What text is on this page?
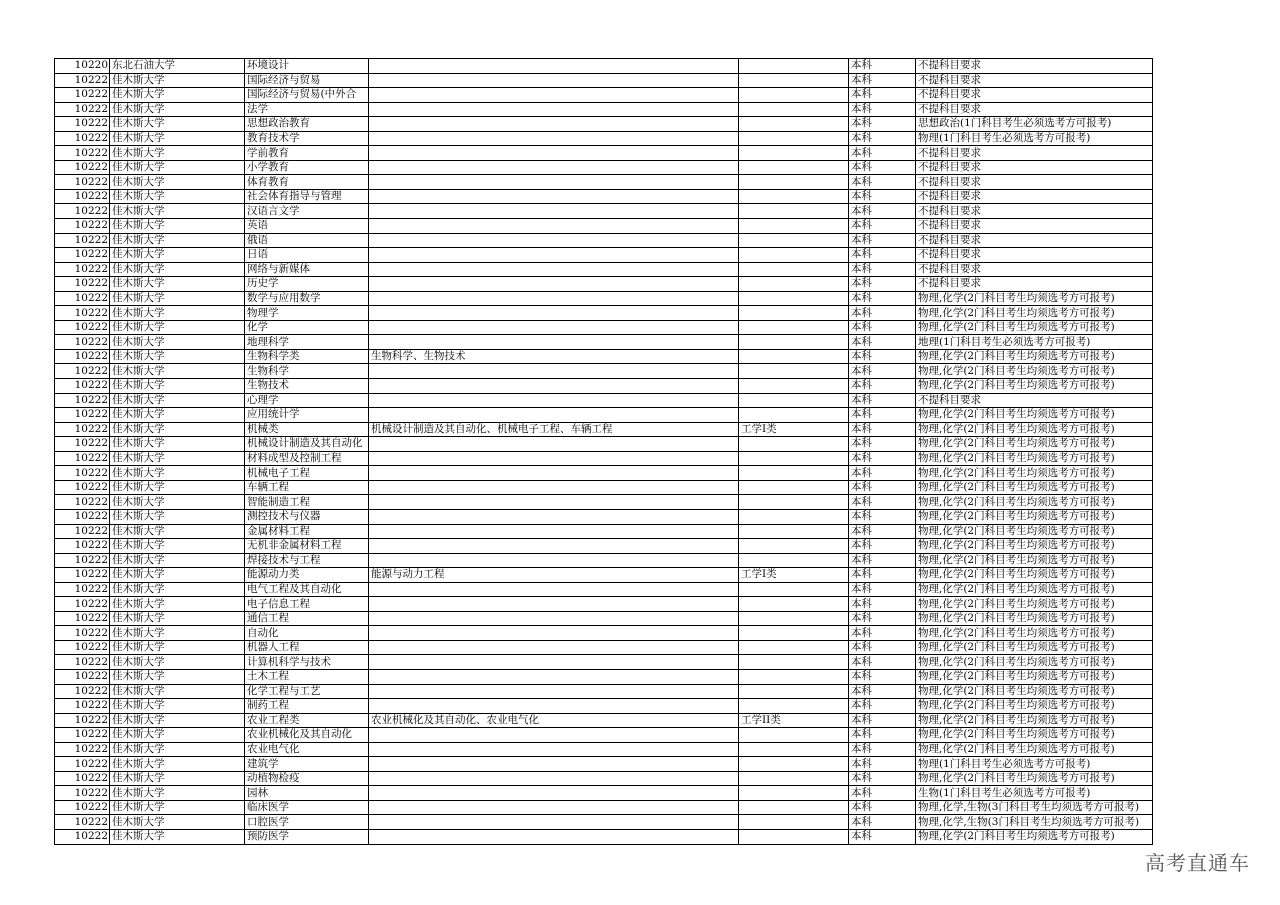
10220	东北石油大学	环境设计			本科	不提科目要求
10222	佳木斯大学	国际经济与贸易			本科	不提科目要求
10222	佳木斯大学	国际经济与贸易(中外合			本科	不提科目要求
10222	佳木斯大学	法学			本科	不提科目要求
10222	佳木斯大学	思想政治教育			本科	思想政治(1门科目考生必须选考方可报考)
10222	佳木斯大学	教育技术学			本科	物理(1门科目考生必须选考方可报考)
10222	佳木斯大学	学前教育			本科	不提科目要求
10222	佳木斯大学	小学教育			本科	不提科目要求
10222	佳木斯大学	体育教育			本科	不提科目要求
10222	佳木斯大学	社会体育指导与管理			本科	不提科目要求
10222	佳木斯大学	汉语言文学			本科	不提科目要求
10222	佳木斯大学	英语			本科	不提科目要求
10222	佳木斯大学	俄语			本科	不提科目要求
10222	佳木斯大学	日语			本科	不提科目要求
10222	佳木斯大学	网络与新媒体			本科	不提科目要求
10222	佳木斯大学	历史学			本科	不提科目要求
10222	佳木斯大学	数学与应用数学			本科	物理,化学(2门科目考生均须选考方可报考)
10222	佳木斯大学	物理学			本科	物理,化学(2门科目考生均须选考方可报考)
10222	佳木斯大学	化学			本科	物理,化学(2门科目考生均须选考方可报考)
10222	佳木斯大学	地理科学			本科	地理(1门科目考生必须选考方可报考)
10222	佳木斯大学	生物科学类	生物科学、生物技术		本科	物理,化学(2门科目考生均须选考方可报考)
10222	佳木斯大学	生物科学			本科	物理,化学(2门科目考生均须选考方可报考)
10222	佳木斯大学	生物技术			本科	物理,化学(2门科目考生均须选考方可报考)
10222	佳木斯大学	心理学			本科	不提科目要求
10222	佳木斯大学	应用统计学			本科	物理,化学(2门科目考生均须选考方可报考)
10222	佳木斯大学	机械类	机械设计制造及其自动化、机械电子工程、车辆工程	工学I类	本科	物理,化学(2门科目考生均须选考方可报考)
10222	佳木斯大学	机械设计制造及其自动化			本科	物理,化学(2门科目考生均须选考方可报考)
10222	佳木斯大学	材料成型及控制工程			本科	物理,化学(2门科目考生均须选考方可报考)
10222	佳木斯大学	机械电子工程			本科	物理,化学(2门科目考生均须选考方可报考)
10222	佳木斯大学	车辆工程			本科	物理,化学(2门科目考生均须选考方可报考)
10222	佳木斯大学	智能制造工程			本科	物理,化学(2门科目考生均须选考方可报考)
10222	佳木斯大学	测控技术与仪器			本科	物理,化学(2门科目考生均须选考方可报考)
10222	佳木斯大学	金属材料工程			本科	物理,化学(2门科目考生均须选考方可报考)
10222	佳木斯大学	无机非金属材料工程			本科	物理,化学(2门科目考生均须选考方可报考)
10222	佳木斯大学	焊接技术与工程			本科	物理,化学(2门科目考生均须选考方可报考)
10222	佳木斯大学	能源动力类	能源与动力工程	工学I类	本科	物理,化学(2门科目考生均须选考方可报考)
10222	佳木斯大学	电气工程及其自动化			本科	物理,化学(2门科目考生均须选考方可报考)
10222	佳木斯大学	电子信息工程			本科	物理,化学(2门科目考生均须选考方可报考)
10222	佳木斯大学	通信工程			本科	物理,化学(2门科目考生均须选考方可报考)
10222	佳木斯大学	自动化			本科	物理,化学(2门科目考生均须选考方可报考)
10222	佳木斯大学	机器人工程			本科	物理,化学(2门科目考生均须选考方可报考)
10222	佳木斯大学	计算机科学与技术			本科	物理,化学(2门科目考生均须选考方可报考)
10222	佳木斯大学	土木工程			本科	物理,化学(2门科目考生均须选考方可报考)
10222	佳木斯大学	化学工程与工艺			本科	物理,化学(2门科目考生均须选考方可报考)
10222	佳木斯大学	制药工程			本科	物理,化学(2门科目考生均须选考方可报考)
10222	佳木斯大学	农业工程类	农业机械化及其自动化、农业电气化	工学II类	本科	物理,化学(2门科目考生均须选考方可报考)
10222	佳木斯大学	农业机械化及其自动化			本科	物理,化学(2门科目考生均须选考方可报考)
10222	佳木斯大学	农业电气化			本科	物理,化学(2门科目考生均须选考方可报考)
10222	佳木斯大学	建筑学			本科	物理(1门科目考生必须选考方可报考)
10222	佳木斯大学	动植物检疫			本科	物理,化学(2门科目考生均须选考方可报考)
10222	佳木斯大学	园林			本科	生物(1门科目考生必须选考方可报考)
10222	佳木斯大学	临床医学			本科	物理,化学,生物(3门科目考生均须选考方可报考)
10222	佳木斯大学	口腔医学			本科	物理,化学,生物(3门科目考生均须选考方可报考)
10222	佳木斯大学	预防医学			本科	物理,化学(2门科目考生均须选考方可报考)
高考直通车
